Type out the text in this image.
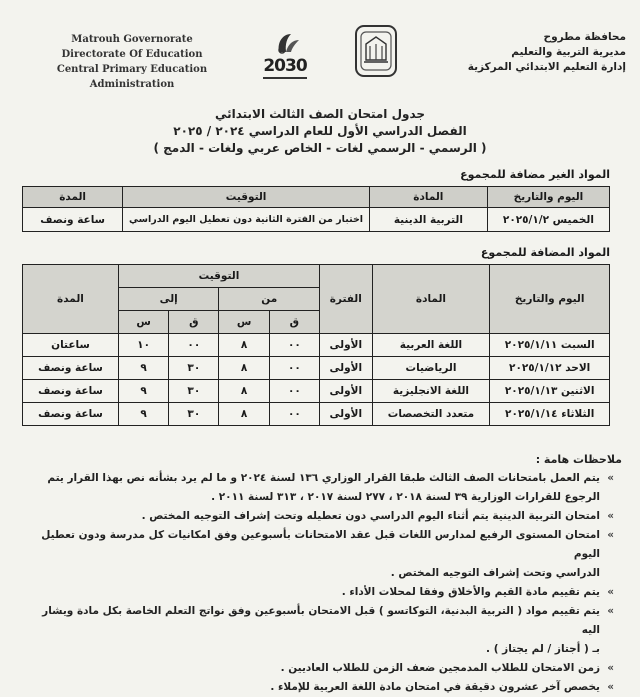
Matrouh Governorate
Directorate Of Education
Central Primary Education Administration
2030
محافظة مطروح
مديرية التربية والتعليم
إدارة التعليم الابتدائي المركزية
جدول امتحان الصف الثالث الابتدائي
الفصل الدراسي الأول للعام الدراسي ٢٠٢٤ / ٢٠٢٥
( الرسمي - الرسمي لغات - الخاص عربي ولغات - الدمج )
المواد الغير مضافة للمجموع
اليوم والتاريخ	المادة	التوقيت	المدة
الخميس ٢٠٢٥/١/٢	التربية الدينية	اختبار من الفترة الثانية دون تعطيل اليوم الدراسي	ساعة ونصف
المواد المضافة للمجموع
اليوم والتاريخ	المادة	الفترة	التوقيت				المدة
			من		إلى		
			ق	س	ق	س	
السبت ٢٠٢٥/١/١١	اللغة العربية	الأولى	٠٠	٨	٠٠	١٠	ساعتان
الاحد ٢٠٢٥/١/١٢	الرياضيات	الأولى	٠٠	٨	٣٠	٩	ساعة ونصف
الاثنين ٢٠٢٥/١/١٣	اللغة الانجليزية	الأولى	٠٠	٨	٣٠	٩	ساعة ونصف
الثلاثاء ٢٠٢٥/١/١٤	متعدد التخصصات	الأولى	٠٠	٨	٣٠	٩	ساعة ونصف
ملاحظات هامة :
» يتم العمل بامتحانات الصف الثالث طبقا القرار الوزاري ١٣٦ لسنة ٢٠٢٤ و ما لم يرد بشأنه نص بهذا القرار يتم
الرجوع للقرارات الوزارية ٣٩ لسنة ٢٠١٨ ، ٢٧٧ لسنة ٢٠١٧ ، ٣١٣ لسنة ٢٠١١ .
» امتحان التربية الدينية يتم أثناء اليوم الدراسي دون تعطيله وتحت إشراف التوجيه المختص .
» امتحان المستوى الرفيع لمدارس اللغات قبل عقد الامتحانات بأسبوعين وفق امكانيات كل مدرسة ودون تعطيل اليوم
الدراسي وتحت إشراف التوجيه المختص .
» يتم تقييم مادة القيم والأخلاق وفقا لمحلات الأداء .
» يتم تقييم مواد ( التربية البدنية، التوكاتسو ) قبل الامتحان بأسبوعين وفق نواتج التعلم الخاصة بكل مادة ويشار اليه
بـ ( أجتاز / لم يجتاز ) .
» زمن الامتحان للطلاب المدمجين ضعف الزمن للطلاب العاديين .
» يخصص آخر عشرون دقيقة في امتحان مادة اللغة العربية للإملاء .
